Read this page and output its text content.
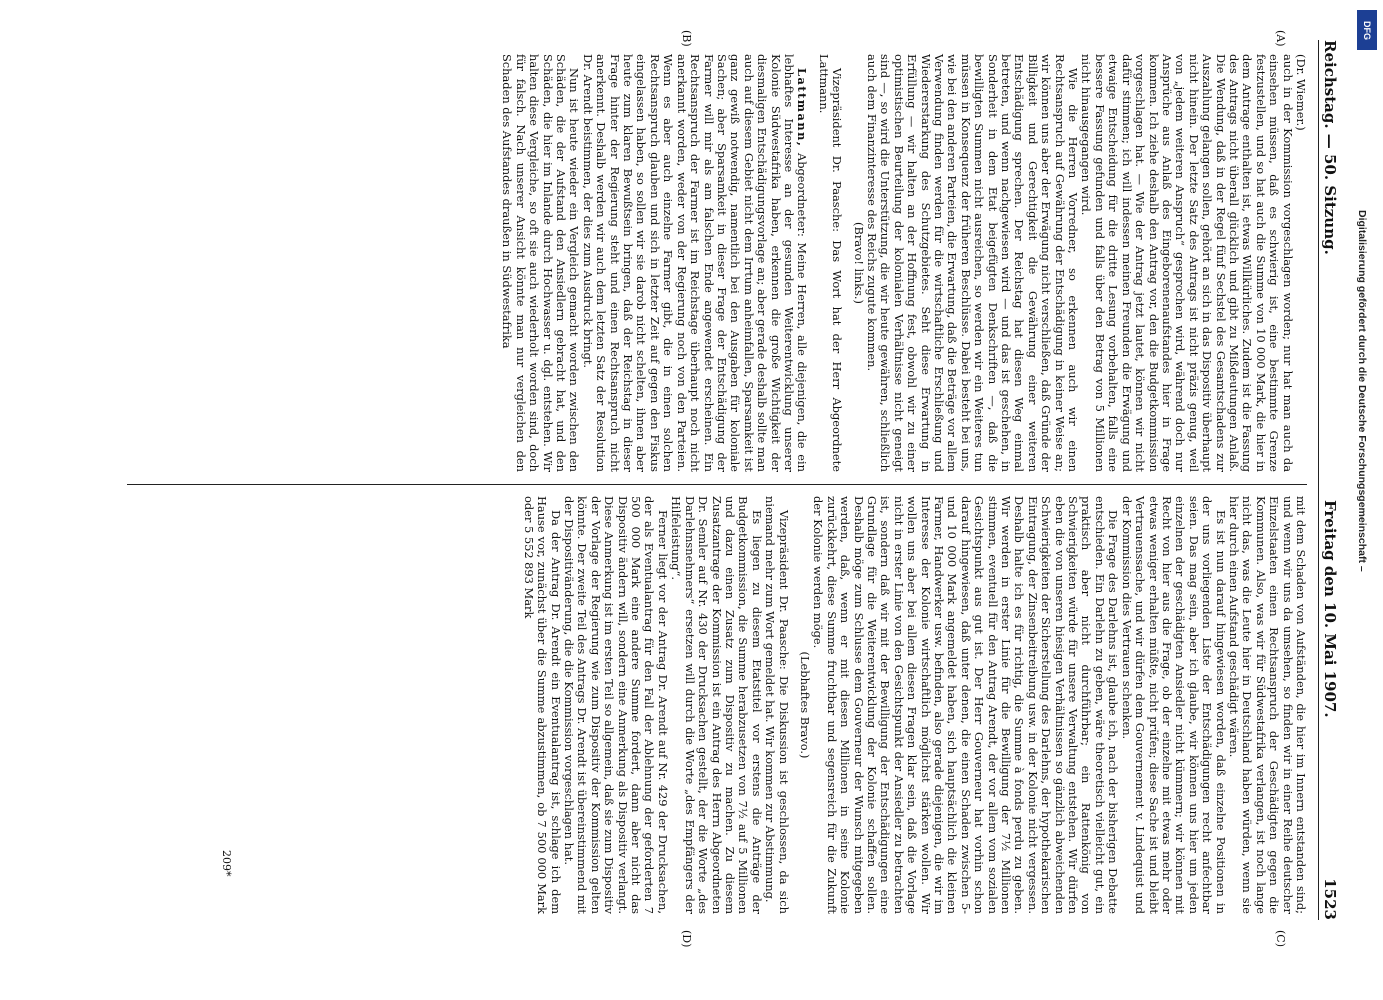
Reichstag. — 50. Sitzung.
Freitag den 10. Mai 1907.
1523
(A)
(B)
(C)
(D)

(Dr. Wiemer.)

auch in der Kommission vorgeschlagen worden; nur hat man auch da einsehen müssen, daß es schwierig ist, eine bestimmte Grenze festzustellen, und so hat auch die Summe von 10 000 Mark, die hier in dem Antrage enthalten ist, etwas Willkürliches. Zudem ist die Fassung des Antrags nicht überall glücklich und gibt zu Mißdeutungen Anlaß. Die Wendung, daß in der Regel fünf Sechstel des Gesamtschadens zur Auszahlung gelangen sollen, gehört an sich in das Dispositiv überhaupt nicht hinein. Der letzte Satz des Antrags ist nicht präzis genug, weil von „jedem weiteren Anspruch“ gesprochen wird, während doch nur Ansprüche aus Anlaß des Eingeborenenaufstandes hier in Frage kommen. Ich ziehe deshalb den Antrag vor, den die Budgetkommission vorgeschlagen hat. — Wie der Antrag jetzt lautet, können wir nicht dafür stimmen; ich will indessen meinen Freunden die Erwägung und etwaige Entscheidung für die dritte Lesung vorbehalten, falls eine bessere Fassung gefunden und falls über den Betrag von 5 Millionen nicht hinausgegangen wird.

Wie die Herren Vorredner, so erkennen auch wir einen Rechtsanspruch auf Gewährung der Entschädigung in keiner Weise an; wir können uns aber der Erwägung nicht verschließen, daß Gründe der Billigkeit und Gerechtigkeit die Gewährung einer weiteren Entschädigung sprechen. Der Reichstag hat diesen Weg einmal betreten, und wenn nachgewiesen wird — und das ist geschehen, in Sonderheit in dem Etat beigefügten Denkschriften —, daß die bewilligten Summen nicht ausreichen, so werden wir ein Weiteres tun müssen in Konsequenz der früheren Beschlüsse. Dabei besteht bei uns, wie bei den anderen Parteien, die Erwartung, daß die Beträge vor allem Verwendung finden werden für die wirtschaftliche Erschließung und Wiedererstarkung des Schutzgebietes. Seht diese Erwartung in Erfüllung — wir halten an der Hoffnung fest, obwohl wir zu einer optimistischen Beurteilung der kolonialen Verhältnisse nicht geneigt sind —, so wird die Unterstützung, die wir heute gewähren, schließlich auch dem Finanzinteresse des Reichs zugute kommen.

(Bravo! links.)

Vizepräsident Dr. Paasche: Das Wort hat der Herr Abgeordnete Lattmann.

Lattmann, Abgeordneter: Meine Herren, alle diejenigen, die ein lebhaftes Interesse an der gesunden Weiterentwicklung unserer Kolonie Südwestafrika haben, erkennen die große Wichtigkeit der diesmaligen Entschädigungsvorlage an; aber gerade deshalb sollte man auch auf diesem Gebiet nicht dem Irrtum anheimfallen, Sparsamkeit ist ganz gewiß notwendig, namentlich bei den Ausgaben für koloniale Sachen; aber Sparsamkeit in dieser Frage der Entschädigung der Farmer will mir als am falschen Ende angewendet erscheinen. Ein Rechtsanspruch der Farmer ist im Reichstage überhaupt noch nicht anerkannt worden, weder von der Regierung noch von den Parteien. Wenn es aber auch einzelne Farmer gibt, die in einen solchen Rechtsanspruch glauben und sich in letzter Zeit auf gegen den Fiskus eingelassen haben, so sollen wir sie darob nicht schelten, ihnen aber heute zum klaren Bewußtsein bringen, daß der Reichstag in dieser Frage hinter der Regierung steht und einen Rechtsanspruch nicht anerkennt. Deshalb werden wir auch dem letzten Satz der Resolution Dr. Arendt beistimmen, der dies zum Ausdruck bringt.

Nun ist heute wieder ein Vergleich gemacht worden zwischen den Schäden, die der Aufstand den Ansiedlern gebracht hat, und den Schäden, die hier im Inlande durch Hochwasser u. dgl. entstehen. Wir halten diese Vergleiche, so oft sie auch wiederholt worden sind, doch für falsch. Nach unserer Ansicht könnte man nur vergleichen den Schaden des Aufstandes draußen in Südwestafrika

mit dem Schaden von Aufständen, die hier im Innern entstanden sind; und wenn wir uns da umsehen, so finden wir in einer Reihe deutscher Einzelstaaten einen Rechtsanspruch der Geschädigten gegen die Kommunen. Also, was wir für Südwestafrika verlangen, ist noch lange nicht das, was die Leute hier in Deutschland haben würden, wenn sie hier durch einen Aufstand geschädigt wären.

Es ist nun darauf hingewiesen worden, daß einzelne Positionen in der uns vorliegenden Liste der Entschädigungen recht anfechtbar seien. Das mag sein, aber ich glaube, wir können uns hier um jeden einzelnen der geschädigten Ansiedler nicht kümmern; wir können mit Recht von hier aus die Frage, ob der einzelne mit etwas mehr oder etwas weniger erhalten müßte, nicht prüfen; diese Sache ist und bleibt Vertrauenssache, und wir dürfen dem Gouvernement v. Lindequist und der Kommission dies Vertrauen schenken.

Die Frage des Darlehns ist, glaube ich, nach der bisherigen Debatte entschieden. Ein Darlehn zu geben, wäre theoretisch vielleicht gut, ein praktisch aber nicht durchführbar; ein Rattenkönig von Schwierigkeiten würde für unsere Verwaltung entstehen. Wir dürfen eben die von unseren hiesigen Verhältnissen so gänzlich abweichenden Schwierigkeiten der Sicherstellung des Darlehns, der hypothekarischen Eintragung, der Zinsenbeitreibung usw. in der Kolonie nicht vergessen. Deshalb halte ich es für richtig, die Summe à fonds perdu zu geben. Wir werden in erster Linie für die Bewilligung der 7½ Millionen stimmen, eventuell für den Antrag Arendt, der vor allem vom sozialen Gesichtspunkt aus gut ist. Der Herr Gouverneur hat vorhin schon darauf hingewiesen, daß unter denen, die einen Schaden zwischen 5- und 10 000 Mark angemeldet haben, sich hauptsächlich die kleinen Farmer, Handwerker usw. befinden, also gerade diejenigen, die wir im Interesse der Kolonie wirtschaftlich möglichst stärken wollen. Wir wollen uns aber bei allem diesen Fragen klar sein, daß die Vorlage nicht in erster Linie von den Gesichtspunkt der Ansiedler zu betrachten ist, sondern daß wir mit der Bewilligung der Entschädigungen eine Grundlage für die Weiterentwicklung der Kolonie schaffen sollen. Deshalb möge zum Schlusse dem Gouverneur der Wunsch mitgegeben werden, daß, wenn er mit diesen Millionen in seine Kolonie zurückkehrt, diese Summe fruchtbar und segensreich für die Zukunft der Kolonie werden möge.

(Lebhaftes Bravo.)

Vizepräsident Dr. Paasche: Die Diskussion ist geschlossen, da sich niemand mehr zum Wort gemeldet hat. Wir kommen zur Abstimmung.

Es liegen zu diesem Etatstitel vor erstens die Anträge der Budgetkommission, die Summe herabzusetzen von 7½ auf 5 Millionen und dazu einen Zusatz zum Dispositiv zu machen. Zu diesem Zusatzantrage der Kommission ist ein Antrag des Herrn Abgeordneten Dr. Semler auf Nr. 430 der Drucksachen gestellt, der die Worte „des Darlehnsnehmers“ ersetzen will durch die Worte „des Empfängers der Hilfeleistung“.

Ferner liegt vor der Antrag Dr. Arendt auf Nr. 429 der Drucksachen, der als Eventualantrag für den Fall der Ablehnung der geforderten 7 500 000 Mark eine andere Summe fordert, dann aber nicht das Dispositiv ändern will, sondern eine Anmerkung als Dispositiv verlangt. Diese Anmerkung ist im ersten Teil so allgemein, daß sie zum Dispositiv der Vorlage der Regierung wie zum Dispositiv der Kommission gelten könnte. Der zweite Teil des Antrags Dr. Arendt ist übereinstimmend mit der Dispositivänderung, die die Kommission vorgeschlagen hat.

Da der Antrag Dr. Arendt ein Eventualantrag ist, schlage ich dem Hause vor, zunächst über die Summe abzustimmen, ob 7 500 000 Mark oder 5 552 893 Mark

209*
DFG
Digitalisierung gefördert durch die Deutsche Forschungsgemeinschaft –
